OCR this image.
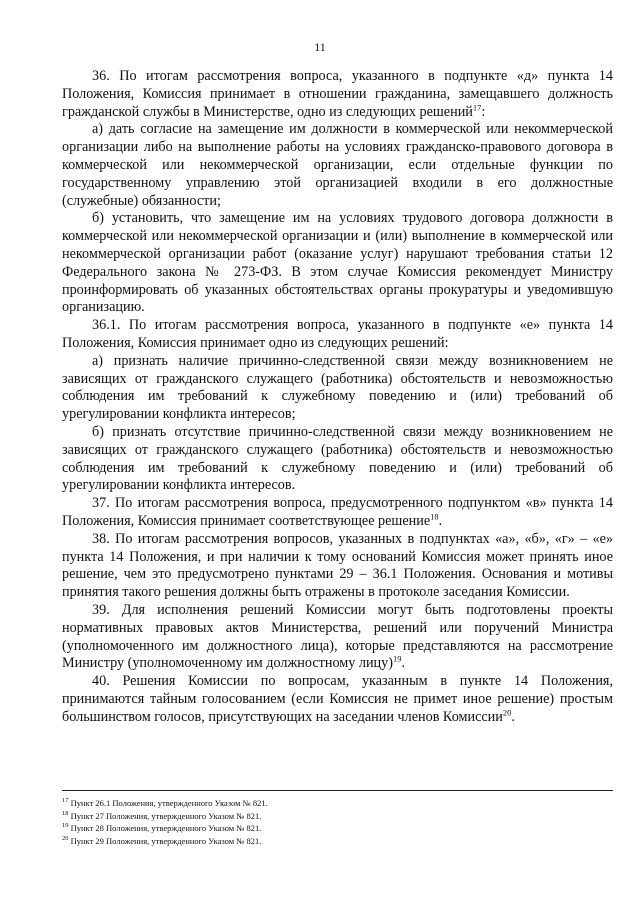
11

36. По итогам рассмотрения вопроса, указанного в подпункте «д» пункта 14 Положения, Комиссия принимает в отношении гражданина, замещавшего должность гражданской службы в Министерстве, одно из следующих решений$^{17}$:

а) дать согласие на замещение им должности в коммерческой или некоммерческой организации либо на выполнение работы на условиях гражданско-правового договора в коммерческой или некоммерческой организации, если отдельные функции по государственному управлению этой организацией входили в его должностные (служебные) обязанности;

б) установить, что замещение им на условиях трудового договора должности в коммерческой или некоммерческой организации и (или) выполнение в коммерческой или некоммерческой организации работ (оказание услуг) нарушают требования статьи 12 Федерального закона № 273-ФЗ. В этом случае Комиссия рекомендует Министру проинформировать об указанных обстоятельствах органы прокуратуры и уведомившую организацию.

36.1. По итогам рассмотрения вопроса, указанного в подпункте «е» пункта 14 Положения, Комиссия принимает одно из следующих решений:

а) признать наличие причинно-следственной связи между возникновением не зависящих от гражданского служащего (работника) обстоятельств и невозможностью соблюдения им требований к служебному поведению и (или) требований об урегулировании конфликта интересов;

б) признать отсутствие причинно-следственной связи между возникновением не зависящих от гражданского служащего (работника) обстоятельств и невозможностью соблюдения им требований к служебному поведению и (или) требований об урегулировании конфликта интересов.

37. По итогам рассмотрения вопроса, предусмотренного подпунктом «в» пункта 14 Положения, Комиссия принимает соответствующее решение$^{18}$.

38. По итогам рассмотрения вопросов, указанных в подпунктах «а», «б», «г» – «е» пункта 14 Положения, и при наличии к тому оснований Комиссия может принять иное решение, чем это предусмотрено пунктами 29 – 36.1 Положения. Основания и мотивы принятия такого решения должны быть отражены в протоколе заседания Комиссии.

39. Для исполнения решений Комиссии могут быть подготовлены проекты нормативных правовых актов Министерства, решений или поручений Министра (уполномоченного им должностного лица), которые представляются на рассмотрение Министру (уполномоченному им должностному лицу)$^{19}$.

40. Решения Комиссии по вопросам, указанным в пункте 14 Положения, принимаются тайным голосованием (если Комиссия не примет иное решение) простым большинством голосов, присутствующих на заседании членов Комиссии$^{20}$.

$^{17}$ Пункт 26.1 Положения, утвержденного Указом № 821.

$^{18}$ Пункт 27 Положения, утвержденного Указом № 821.

$^{19}$ Пункт 28 Положения, утвержденного Указом № 821.

$^{20}$ Пункт 29 Положения, утвержденного Указом № 821.
